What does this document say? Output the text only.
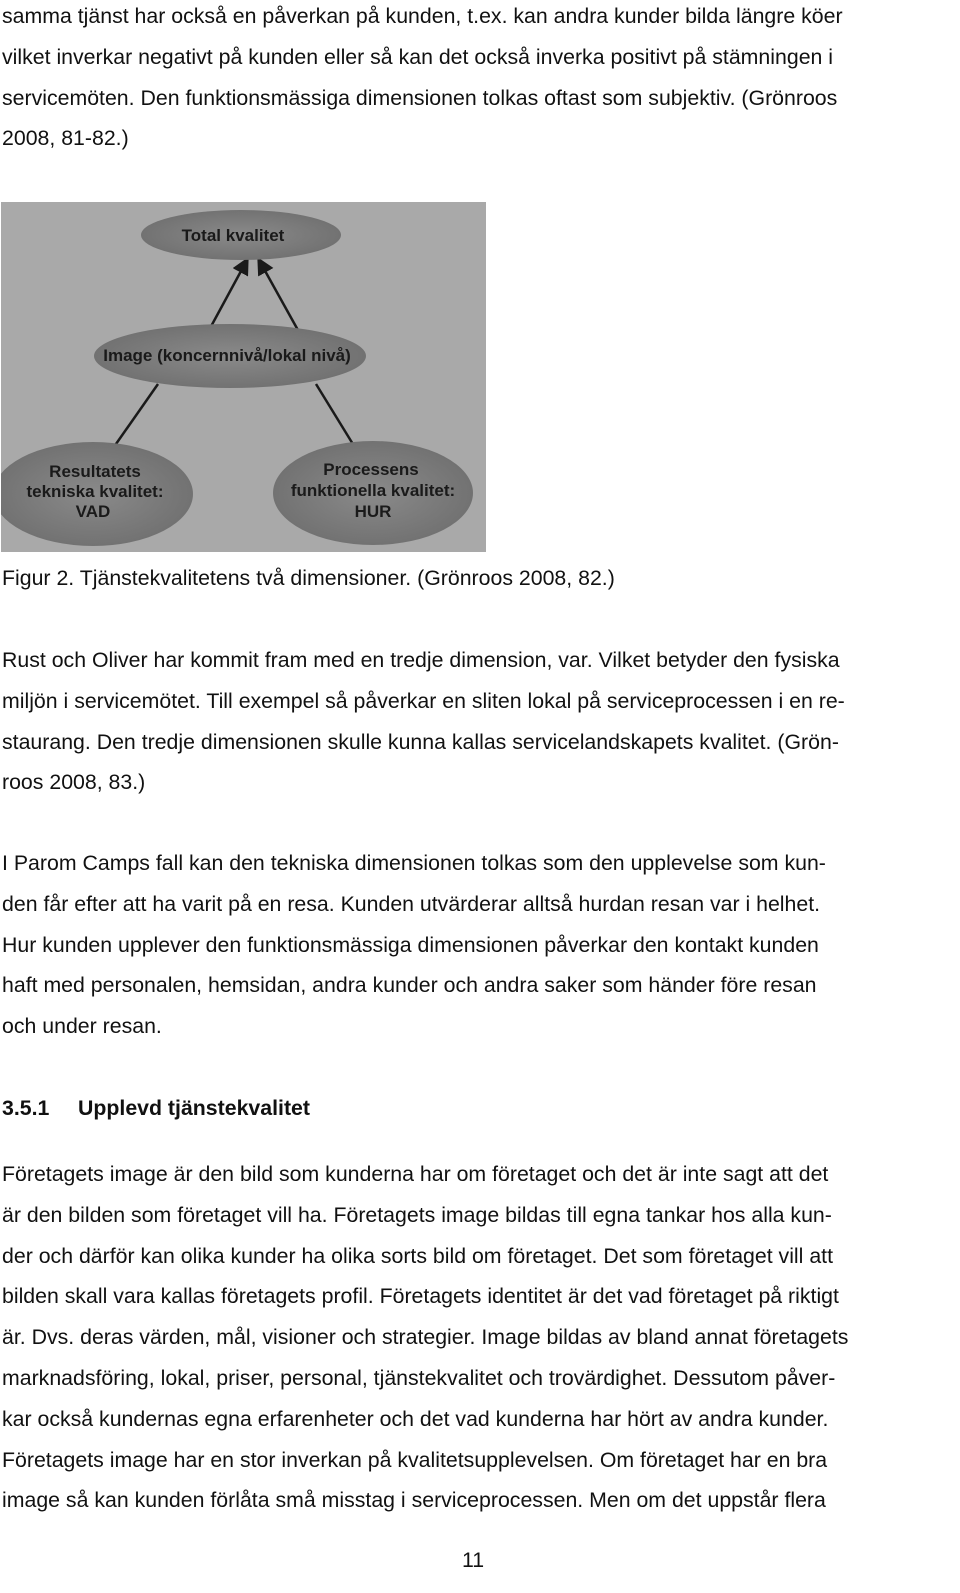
samma tjänst har också en påverkan på kunden, t.ex. kan andra kunder bilda längre köer
vilket inverkar negativt på kunden eller så kan det också inverka positivt på stämningen i
servicemöten. Den funktionsmässiga dimensionen tolkas oftast som subjektiv. (Grönroos
2008, 81-82.)

Total kvalitet
Image (koncernnivå/lokal nivå)
Resultatets
tekniska kvalitet:
VAD
Processens
funktionella kvalitet:
HUR

Figur 2. Tjänstekvalitetens två dimensioner. (Grönroos 2008, 82.)

Rust och Oliver har kommit fram med en tredje dimension, var. Vilket betyder den fysiska
miljön i servicemötet. Till exempel så påverkar en sliten lokal på serviceprocessen i en re-
staurang. Den tredje dimensionen skulle kunna kallas servicelandskapets kvalitet. (Grön-
roos 2008, 83.)

I Parom Camps fall kan den tekniska dimensionen tolkas som den upplevelse som kun-
den får efter att ha varit på en resa. Kunden utvärderar alltså hurdan resan var i helhet.
Hur kunden upplever den funktionsmässiga dimensionen påverkar den kontakt kunden
haft med personalen, hemsidan, andra kunder och andra saker som händer före resan
och under resan.

3.5.1 Upplevd tjänstekvalitet

Företagets image är den bild som kunderna har om företaget och det är inte sagt att det
är den bilden som företaget vill ha. Företagets image bildas till egna tankar hos alla kun-
der och därför kan olika kunder ha olika sorts bild om företaget. Det som företaget vill att
bilden skall vara kallas företagets profil. Företagets identitet är det vad företaget på riktigt
är. Dvs. deras värden, mål, visioner och strategier. Image bildas av bland annat företagets
marknadsföring, lokal, priser, personal, tjänstekvalitet och trovärdighet. Dessutom påver-
kar också kundernas egna erfarenheter och det vad kunderna har hört av andra kunder.
Företagets image har en stor inverkan på kvalitetsupplevelsen. Om företaget har en bra
image så kan kunden förlåta små misstag i serviceprocessen. Men om det uppstår flera

11
